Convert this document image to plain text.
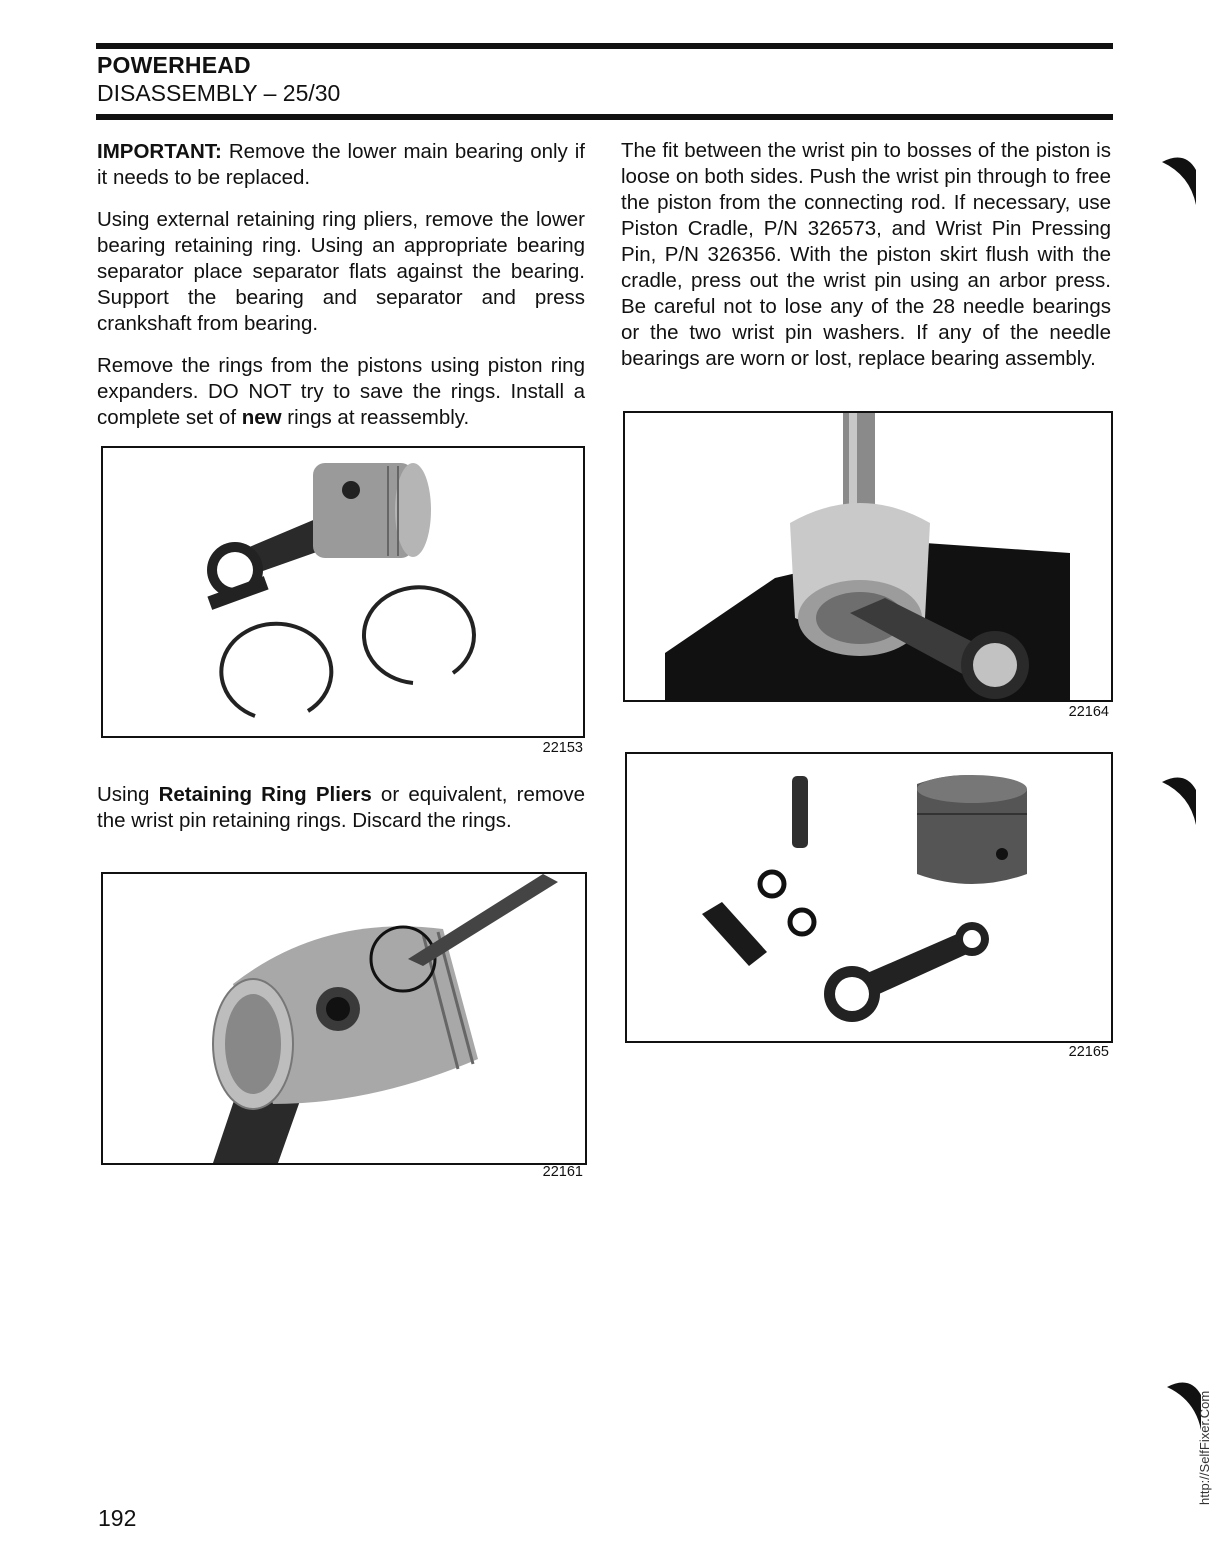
POWERHEAD
DISASSEMBLY – 25/30

IMPORTANT: Remove the lower main bearing only if it needs to be replaced.

Using external retaining ring pliers, remove the lower bearing retaining ring. Using an appropriate bearing separator place separator flats against the bearing. Support the bearing and separator and press crankshaft from bearing.

Remove the rings from the pistons using piston ring expanders. DO NOT try to save the rings. Install a complete set of new rings at reassembly.

Using Retaining Ring Pliers or equivalent, remove the wrist pin retaining rings. Discard the rings.

The fit between the wrist pin to bosses of the piston is loose on both sides. Push the wrist pin through to free the piston from the connecting rod. If necessary, use Piston Cradle, P/N 326573, and Wrist Pin Pressing Pin, P/N 326356. With the piston skirt flush with the cradle, press out the wrist pin using an arbor press. Be careful not to lose any of the 28 needle bearings or the two wrist pin washers. If any of the needle bearings are worn or lost, replace bearing assembly.

22153
22161
22164
22165
192
http://SelfFixer.Com
